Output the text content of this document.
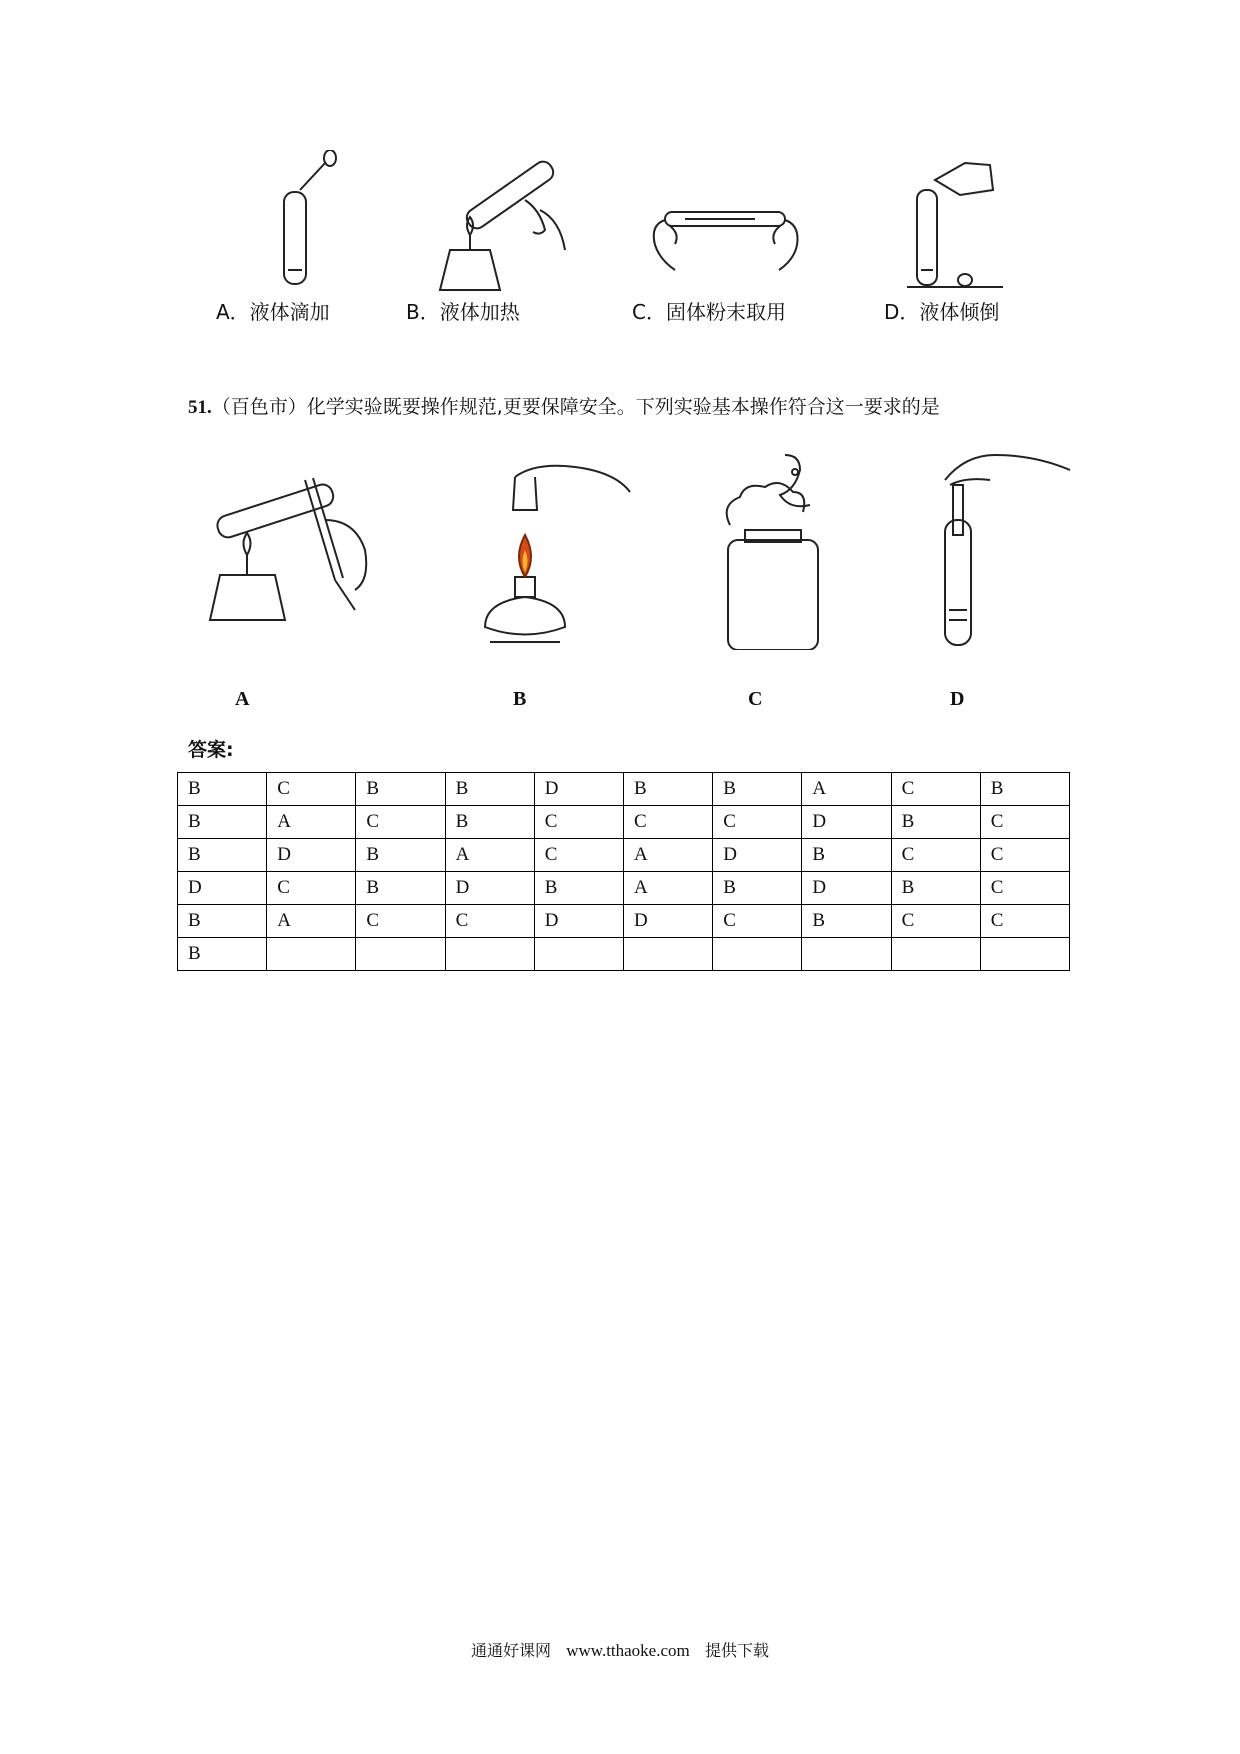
A．液体滴加	B．液体加热	C．固体粉末取用	D．液体倾倒
51.（百色市）化学实验既要操作规范,更要保障安全。下列实验基本操作符合这一要求的是
A	B	C	D
答案:
B	C	B	B	D	B	B	A	C	B
B	A	C	B	C	C	C	D	B	C
B	D	B	A	C	A	D	B	C	C
D	C	B	D	B	A	B	D	B	C
B	A	C	C	D	D	C	B	C	C
B									
通通好课网 www.tthaoke.com 提供下载
